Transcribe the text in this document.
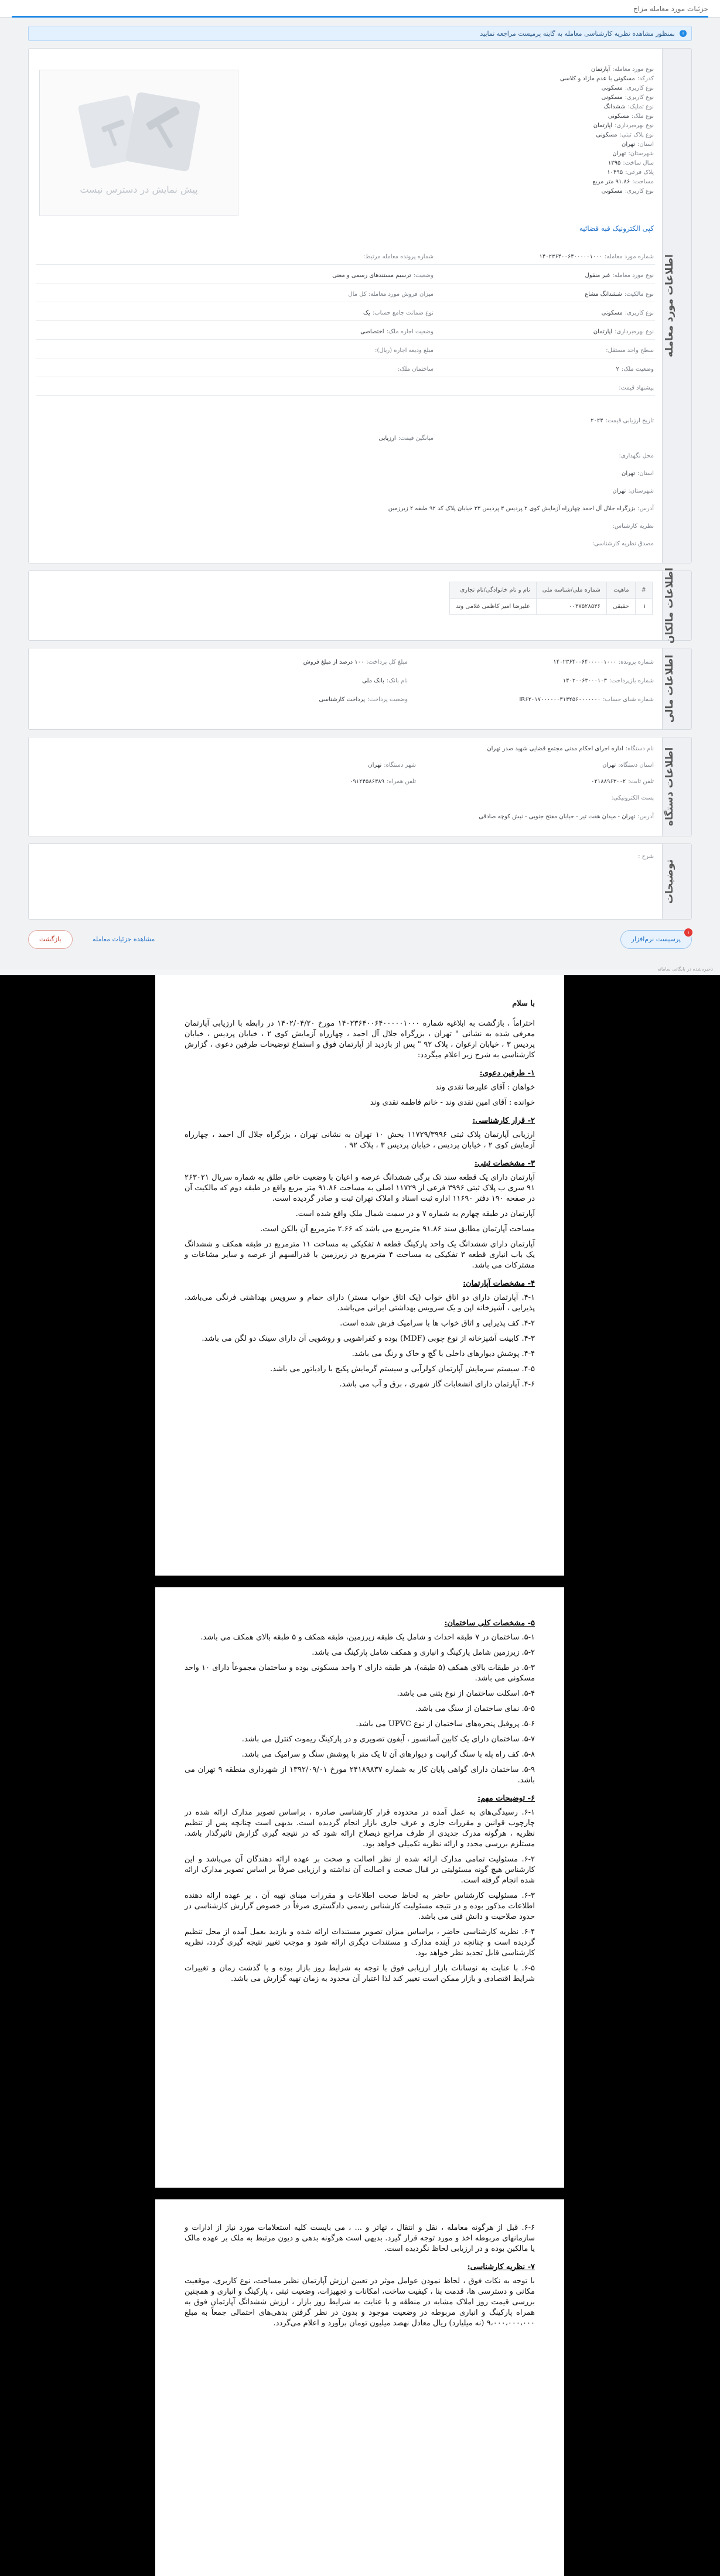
جزئیات مورد معامله مزاج
i
بمنظور مشاهده نظریه کارشناسی معامله به گاینه پرمیست مراجعه نمایید
اطلاعات مورد معامله
پیش نمایش در دسترس نیست
کپی الکترونیک قبه قضائیه
نوع مورد معامله:آپارتمان
کدرکد:مسکونی با عدم مازاد و کلاسی
نوع کاربری:مسکونی
نوع کاربری:مسکونی
نوع تملیک:ششدانگ
نوع ملک:مسکونی
نوع بهره‌برداری:اپارتمان
نوع پلاک ثبتی:مسکونی
استان:تهران
شهرستان:تهران
سال ساخت:۱۳۹۵
پلاک فرعی:۱۰۴۹۵
مساحت:۹۱.۸۶ متر مربع
نوع کاربری:مسکونی
شماره مورد معامله:۱۴۰۲۳۶۴۰۰۶۴۰۰۰۰۰۱۰۰۰
شماره پرونده معامله مرتبط:
نوع مورد معامله:غیر منقول
وضعیت:ترسیم مستندهای رسمی و معنی
نوع مالکیت:ششدانگ مشاع
میزان فروش مورد معامله: کل مال
نوع کاربری:مسکونی
نوع ضمانت جامع حساب:یک
نوع بهره‌برداری:اپارتمان
وضعیت اجاره ملک:اختصاصی
سطح واحد مستقل:
مبلغ ودیعه اجاره (ریال):
وضعیت ملک:۲
ساختمان ملک:
پیشنهاد قیمت:
تاریخ ارزیابی قیمت:۲۰۲۴
میانگین قیمت:ارزیابی
محل نگهداری:
استان:تهران
شهرستان:تهران
آدرس:بزرگراه جلال آل احمد چهارراه آزمایش کوی ۲ پردیس ۳ پردیس ۳۳ خیابان پلاک کد ۹۲ طبقه ۲ زیرزمین
نظریه کارشناس:
مصدق نظریه کارشناسی:
اطلاعات مالکان
#	ماهیت	شماره ملی/شناسه ملی	نام و نام خانوادگی/نام تجاری
۱	حقیقی	۰۰۳۷۵۲۸۵۳۶	علیرضا امیر کاظمی غلامی وند
اطلاعات مالی
شماره پرونده:۱۴۰۲۳۶۴۰۰۶۴۰۰۰۰۰۱۰۰۰
شماره بازپرداخت:۱۴۰۲۰۰۶۳۰۰۰۱۰۳
شماره شبای حساب:IR۶۲۰۱۷۰۰۰۰۰۰۳۱۳۲۵۶۰۰۰۰۰۰۰
مبلغ کل پرداخت:۱۰۰ درصد از مبلغ فروش
نام بانک:بانک ملی
وضعیت پرداخت:پرداخت کارشناسی
اطلاعات دستگاه
نام دستگاه:اداره اجرای احکام مدنی مجتمع قضایی شهید صدر تهران
استان دستگاه:تهران
شهر دستگاه:تهران
تلفن ثابت:۰۲۱۸۸۹۶۳۰۰۲
تلفن همراه:۰۹۱۲۴۵۸۶۳۸۹
پست الکترونیکی:
آدرس:تهران - میدان هفت تیر - خیابان مفتح جنوبی - نبش کوچه صادقی
توضیحات
شرح :
پرسیست نرم‌افزار
۱
مشاهده جزئیات معامله
بازگشت
ذخیره‌شده در بایگانی سامانه

با سلام

احتراماً ، بازگشت به ابلاغیه شماره ۱۴۰۲۳۶۴۰۰۶۴۰۰۰۰۰۱۰۰۰ مورخ ۱۴۰۲/۰۴/۲۰ در رابطه با ارزیابی آپارتمان معرفی شده به نشانی " تهران ، بزرگراه جلال آل احمد ، چهارراه آزمایش کوی ۲ ، خیابان پردیس ، خیابان پردیس ۳ ، خیابان ارغوان ، پلاک ۹۲ " پس از بازدید از آپارتمان فوق و استماع توضیحات طرفین دعوی ، گزارش کارشناسی به شرح زیر اعلام میگردد:

۱- طرفین دعوی:

خواهان : آقای علیرضا نقدی وند

خوانده : آقای امین نقدی وند - خانم فاطمه نقدی وند

۲- قرار کارشناسی:

ارزیابی آپارتمان پلاک ثبتی ۱۱۷۲۹/۳۹۹۶ بخش ۱۰ تهران به نشانی تهران ، بزرگراه جلال آل احمد ، چهارراه آزمایش کوی ۲ ، خیابان پردیس ، خیابان پردیس ۳ ، پلاک ۹۲ .

۳- مشخصات ثبتی:

آپارتمان دارای یک قطعه سند تک برگی ششدانگ عرصه و اعیان با وضعیت خاص طلق به شماره سریال ۲۶۳۰۲۱ ۹۱ سری ب پلاک ثبتی ۳۹۹۶ فرعی از ۱۱۷۲۹ اصلی به مساحت ۹۱.۸۶ متر مربع واقع در طبقه دوم که مالکیت آن در صفحه ۱۹۰ دفتر ۱۱۶۹۰ اداره ثبت اسناد و املاک تهران ثبت و صادر گردیده است.

آپارتمان در طبقه چهارم به شماره ۷ و در سمت شمال ملک واقع شده است.

مساحت آپارتمان مطابق سند ۹۱.۸۶ مترمربع می باشد که ۲.۶۶ مترمربع آن بالکن است.

آپارتمان دارای ششدانگ یک واحد پارکینگ قطعه ۸ تفکیکی به مساحت ۱۱ مترمربع در طبقه همکف و ششدانگ یک باب انباری قطعه ۳ تفکیکی به مساحت ۴ مترمربع در زیرزمین با قدرالسهم از عرصه و سایر مشاعات و مشترکات می باشد.

۴- مشخصات آپارتمان:

۴-۱. آپارتمان دارای دو اتاق خواب (یک اتاق خواب مستر) دارای حمام و سرویس بهداشتی فرنگی می‌باشد، پذیرایی ، آشپزخانه اپن و یک سرویس بهداشتی ایرانی می‌باشد.

۴-۲. کف پذیرایی و اتاق خواب ها با سرامیک فرش شده است.

۴-۳. کابینت آشپزخانه از نوع چوبی (MDF) بوده و کفراشویی و روشویی آن دارای سینک دو لگن می باشد.

۴-۴. پوشش دیوارهای داخلی با گچ و خاک و رنگ می باشد.

۴-۵. سیستم سرمایش آپارتمان کولرآبی و سیستم گرمایش پکیج با رادیاتور می باشد.

۴-۶. آپارتمان دارای انشعابات گاز شهری ، برق و آب می باشد.

۵- مشخصات کلی ساختمان:

۵-۱. ساختمان در ۷ طبقه احداث و شامل یک طبقه زیرزمین، طبقه همکف و ۵ طبقه بالای همکف می باشد.

۵-۲. زیرزمین شامل پارکینگ و انباری و همکف شامل پارکینگ می باشد.

۵-۳. در طبقات بالای همکف (۵ طبقه)، هر طبقه دارای ۲ واحد مسکونی بوده و ساختمان مجموعاً دارای ۱۰ واحد مسکونی می باشد.

۵-۴. اسکلت ساختمان از نوع بتنی می باشد.

۵-۵. نمای ساختمان از سنگ می باشد.

۵-۶. پروفیل پنجره‌های ساختمان از نوع UPVC می باشد.

۵-۷. ساختمان دارای یک کابین آسانسور ، آیفون تصویری و در پارکینگ ریموت کنترل می باشد.

۵-۸. کف راه پله با سنگ گرانیت و دیوارهای آن تا یک متر با پوشش سنگ و سرامیک می باشد.

۵-۹. ساختمان دارای گواهی پایان کار به شماره ۲۴۱۸۹۸۳۷ مورخ ۱۳۹۲/۰۹/۰۱ از شهرداری منطقه ۹ تهران می باشد.

۶- توضیحات مهم:

۶-۱. رسیدگی‌های به عمل آمده در محدوده قرار کارشناسی صادره ، براساس تصویر مدارک ارائه شده در چارچوب قوانین و مقررات جاری و عرف جاری بازار انجام گردیده است. بدیهی است چنانچه پس از تنظیم نظریه ، هرگونه مدرک جدیدی از طرف مراجع ذیصلاح ارائه شود که در نتیجه گیری گزارش تاثیرگذار باشد، مستلزم بررسی مجدد و ارائه نظریه تکمیلی خواهد بود.

۶-۲. مسئولیت تمامی مدارک ارائه شده از نظر اصالت و صحت بر عهده ارائه دهندگان آن می‌باشد و این کارشناس هیچ گونه مسئولیتی در قبال صحت و اصالت آن نداشته و ارزیابی صرفاً بر اساس تصویر مدارک ارائه شده انجام گرفته است.

۶-۳. مسئولیت کارشناس حاضر به لحاظ صحت اطلاعات و مقررات مبنای تهیه آن ، بر عهده ارائه دهنده اطلاعات مذکور بوده و در نتیجه مسئولیت کارشناس رسمی دادگستری صرفاً در خصوص گزارش کارشناسی در حدود صلاحیت و دانش فنی می باشد.

۶-۴. نظریه کارشناسی حاضر ، براساس میزان تصویر مستندات ارائه شده و بازدید بعمل آمده از محل تنظیم گردیده است و چنانچه در آینده مدارک و مستندات دیگری ارائه شود و موجب تغییر نتیجه گیری گردد، نظریه کارشناسی قابل تجدید نظر خواهد بود.

۶-۵. با عنایت به نوسانات بازار ارزیابی فوق با توجه به شرایط روز بازار بوده و با گذشت زمان و تغییرات شرایط اقتصادی و بازار ممکن است تغییر کند لذا اعتبار آن محدود به زمان تهیه گزارش می باشد.

۶-۶. قبل از هرگونه معامله ، نقل و انتقال ، تهاتر و ... ، می بایست کلیه استعلامات مورد نیاز از ادارات و سازمانهای مربوطه اخذ و مورد توجه قرار گیرد. بدیهی است هرگونه بدهی و دیون مرتبط به ملک بر عهده مالک یا مالکین بوده و در ارزیابی لحاظ نگردیده است.

۷- نظریه کارشناسی:

با توجه به نکات فوق ، لحاظ نمودن عوامل موثر در تعیین ارزش آپارتمان نظیر مساحت، نوع کاربری، موقعیت مکانی و دسترسی ها، قدمت بنا ، کیفیت ساخت، امکانات و تجهیزات، وضعیت ثبتی ، پارکینگ و انباری و همچنین بررسی قیمت روز املاک مشابه در منطقه و با عنایت به شرایط روز بازار ، ارزش ششدانگ آپارتمان فوق به همراه پارکینگ و انباری مربوطه در وضعیت موجود و بدون در نظر گرفتن بدهی‌های احتمالی جمعاً به مبلغ ۹،۰۰۰،۰۰۰،۰۰۰ (نه میلیارد) ریال معادل نهصد میلیون تومان برآورد و اعلام می‌گردد.
